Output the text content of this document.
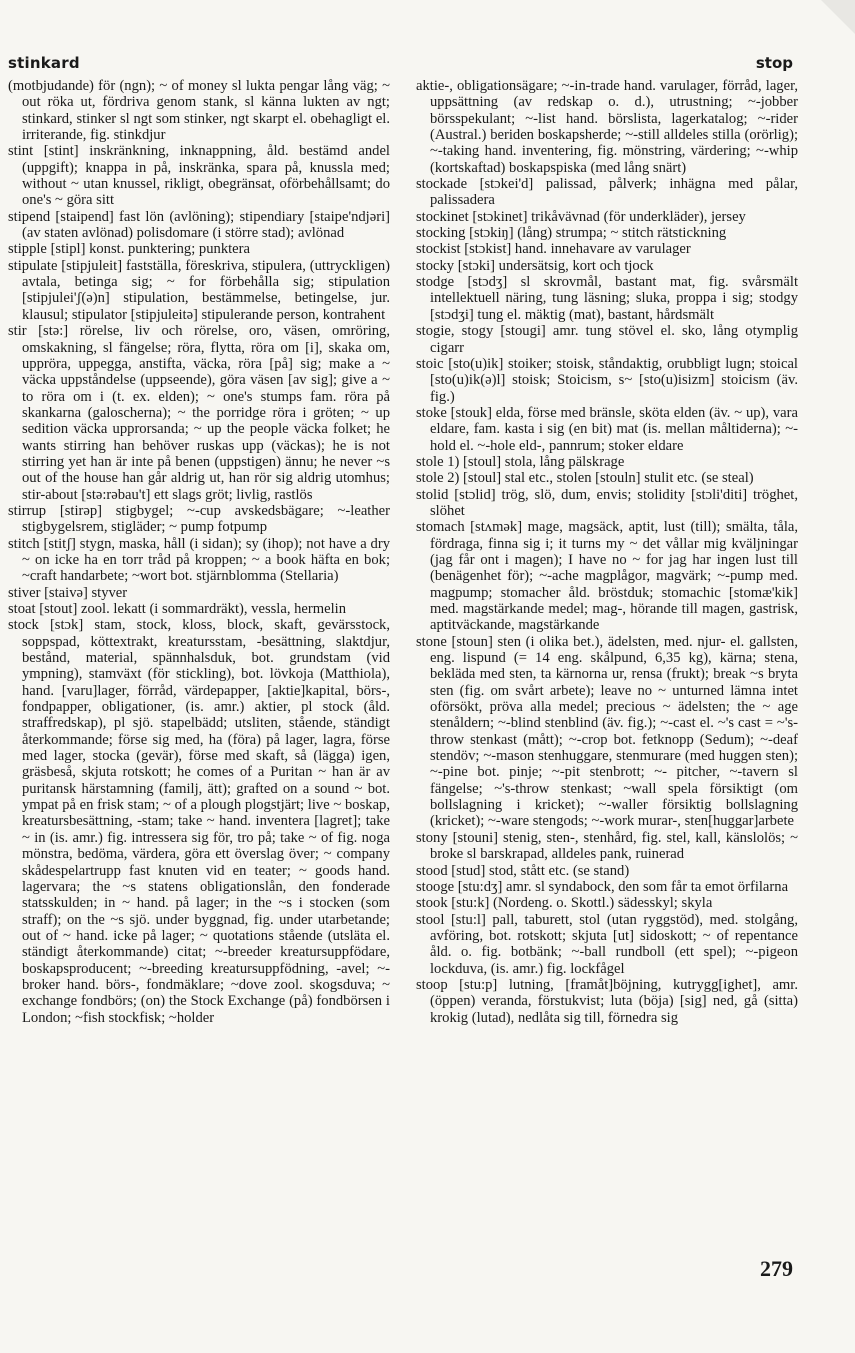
stinkard	stop

(motbjudande) för (ngn); ~ of money sl lukta pengar lång väg; ~ out röka ut, fördriva genom stank, sl känna lukten av ngt; stinkard, stinker sl ngt som stinker, ngt skarpt el. obehagligt el. irriterande, fig. stinkdjur

stint [stint] inskränkning, inknappning, åld. bestämd andel (uppgift); knappa in på, inskränka, spara på, knussla med; without ~ utan knussel, rikligt, obegränsat, oförbehållsamt; do one's ~ göra sitt

stipend [staipend] fast lön (avlöning); stipendiary [staipe'ndjəri] (av staten avlönad) polisdomare (i större stad); avlönad

stipple [stipl] konst. punktering; punktera

stipulate [stipjuleit] fastställa, föreskriva, stipulera, (uttryckligen) avtala, betinga sig; ~ for förbehålla sig; stipulation [stipjulei'ʃ(ə)n] stipulation, bestämmelse, betingelse, jur. klausul; stipulator [stipjuleitə] stipulerande person, kontrahent

stir [stə:] rörelse, liv och rörelse, oro, väsen, omröring, omskakning, sl fängelse; röra, flytta, röra om [i], skaka om, uppröra, uppegga, anstifta, väcka, röra [på] sig; make a ~ väcka uppståndelse (uppseende), göra väsen [av sig]; give a ~ to röra om i (t. ex. elden); ~ one's stumps fam. röra på skankarna (galoscherna); ~ the porridge röra i gröten; ~ up sedition väcka upprorsanda; ~ up the people väcka folket; he wants stirring han behöver ruskas upp (väckas); he is not stirring yet han är inte på benen (uppstigen) ännu; he never ~s out of the house han går aldrig ut, han rör sig aldrig utomhus; stir-about [stə:rəbau't] ett slags gröt; livlig, rastlös

stirrup [stirəp] stigbygel; ~-cup avskedsbägare; ~-leather stigbygelsrem, stigläder; ~ pump fotpump

stitch [stitʃ] stygn, maska, håll (i sidan); sy (ihop); not have a dry ~ on icke ha en torr tråd på kroppen; ~ a book häfta en bok; ~craft handarbete; ~wort bot. stjärnblomma (Stellaria)

stiver [staivə] styver

stoat [stout] zool. lekatt (i sommardräkt), vessla, hermelin

stock [stɔk] stam, stock, kloss, block, skaft, gevärsstock, soppspad, köttextrakt, kreatursstam, -besättning, slaktdjur, bestånd, material, spännhalsduk, bot. grundstam (vid ympning), stamväxt (för stickling), bot. lövkoja (Matthiola), hand. [varu]lager, förråd, värdepapper, [aktie]kapital, börs-, fondpapper, obligationer, (is. amr.) aktier, pl stock (åld. straffredskap), pl sjö. stapelbädd; utsliten, stående, ständigt återkommande; förse sig med, ha (föra) på lager, lagra, förse med lager, stocka (gevär), förse med skaft, så (lägga) igen, gräsbeså, skjuta rotskott; he comes of a Puritan ~ han är av puritansk härstamning (familj, ätt); grafted on a sound ~ bot. ympat på en frisk stam; ~ of a plough plogstjärt; live ~ boskap, kreatursbesättning, -stam; take ~ hand. inventera [lagret]; take ~ in (is. amr.) fig. intressera sig för, tro på; take ~ of fig. noga mönstra, bedöma, värdera, göra ett överslag över; ~ company skådespelartrupp fast knuten vid en teater; ~ goods hand. lagervara; the ~s statens obligationslån, den fonderade statsskulden; in ~ hand. på lager; in the ~s i stocken (som straff); on the ~s sjö. under byggnad, fig. under utarbetande; out of ~ hand. icke på lager; ~ quotations stående (utsläta el. ständigt återkommande) citat; ~-breeder kreatursuppfödare, boskapsproducent; ~-breeding kreatursuppfödning, -avel; ~-broker hand. börs-, fondmäklare; ~dove zool. skogsduva; ~ exchange fondbörs; (on) the Stock Exchange (på) fondbörsen i London; ~fish stockfisk; ~holder

aktie-, obligationsägare; ~-in-trade hand. varulager, förråd, lager, uppsättning (av redskap o. d.), utrustning; ~-jobber börsspekulant; ~-list hand. börslista, lagerkatalog; ~-rider (Austral.) beriden boskapsherde; ~-still alldeles stilla (orörlig); ~-taking hand. inventering, fig. mönstring, värdering; ~-whip (kortskaftad) boskapspiska (med lång snärt)

stockade [stɔkei'd] palissad, pålverk; inhägna med pålar, palissadera

stockinet [stɔkinet] trikåvävnad (för underkläder), jersey

stocking [stɔkiŋ] (lång) strumpa; ~ stitch rätstickning

stockist [stɔkist] hand. innehavare av varulager

stocky [stɔki] undersätsig, kort och tjock

stodge [stɔdʒ] sl skrovmål, bastant mat, fig. svårsmält intellektuell näring, tung läsning; sluka, proppa i sig; stodgy [stɔdʒi] tung el. mäktig (mat), bastant, hårdsmält

stogie, stogy [stougi] amr. tung stövel el. sko, lång otymplig cigarr

stoic [sto(u)ik] stoiker; stoisk, ståndaktig, orubbligt lugn; stoical [sto(u)ik(ə)l] stoisk; Stoicism, s~ [sto(u)isizm] stoicism (äv. fig.)

stoke [stouk] elda, förse med bränsle, sköta elden (äv. ~ up), vara eldare, fam. kasta i sig (en bit) mat (is. mellan måltiderna); ~-hold el. ~-hole eld-, pannrum; stoker eldare

stole 1) [stoul] stola, lång pälskrage

stole 2) [stoul] stal etc., stolen [stouln] stulit etc. (se steal)

stolid [stɔlid] trög, slö, dum, envis; stolidity [stɔli'diti] tröghet, slöhet

stomach [stʌmək] mage, magsäck, aptit, lust (till); smälta, tåla, fördraga, finna sig i; it turns my ~ det vållar mig kväljningar (jag får ont i magen); I have no ~ for jag har ingen lust till (benägenhet för); ~-ache magplågor, magvärk; ~-pump med. magpump; stomacher åld. bröstduk; stomachic [stomæ'kik] med. magstärkande medel; mag-, hörande till magen, gastrisk, aptitväckande, magstärkande

stone [stoun] sten (i olika bet.), ädelsten, med. njur- el. gallsten, eng. lispund (= 14 eng. skålpund, 6,35 kg), kärna; stena, bekläda med sten, ta kärnorna ur, rensa (frukt); break ~s bryta sten (fig. om svårt arbete); leave no ~ unturned lämna intet oförsökt, pröva alla medel; precious ~ ädelsten; the ~ age stenåldern; ~-blind stenblind (äv. fig.); ~-cast el. ~'s cast = ~'s-throw stenkast (mått); ~-crop bot. fetknopp (Sedum); ~-deaf stendöv; ~-mason stenhuggare, stenmurare (med huggen sten); ~-pine bot. pinje; ~-pit stenbrott; ~- pitcher, ~-tavern sl fängelse; ~'s-throw stenkast; ~wall spela försiktigt (om bollslagning i kricket); ~-waller försiktig bollslagning (kricket); ~-ware stengods; ~-work murar-, sten[huggar]arbete

stony [stouni] stenig, sten-, stenhård, fig. stel, kall, känslolös; ~ broke sl barskrapad, alldeles pank, ruinerad

stood [stud] stod, stått etc. (se stand)

stooge [stu:dʒ] amr. sl syndabock, den som får ta emot örfilarna

stook [stu:k] (Nordeng. o. Skottl.) sädesskyl; skyla

stool [stu:l] pall, taburett, stol (utan ryggstöd), med. stolgång, avföring, bot. rotskott; skjuta [ut] sidoskott; ~ of repentance åld. o. fig. botbänk; ~-ball rundboll (ett spel); ~-pigeon lockduva, (is. amr.) fig. lockfågel

stoop [stu:p] lutning, [framåt]böjning, kutrygg[ighet], amr. (öppen) veranda, förstukvist; luta (böja) [sig] ned, gå (sitta) krokig (lutad), nedlåta sig till, förnedra sig

279
